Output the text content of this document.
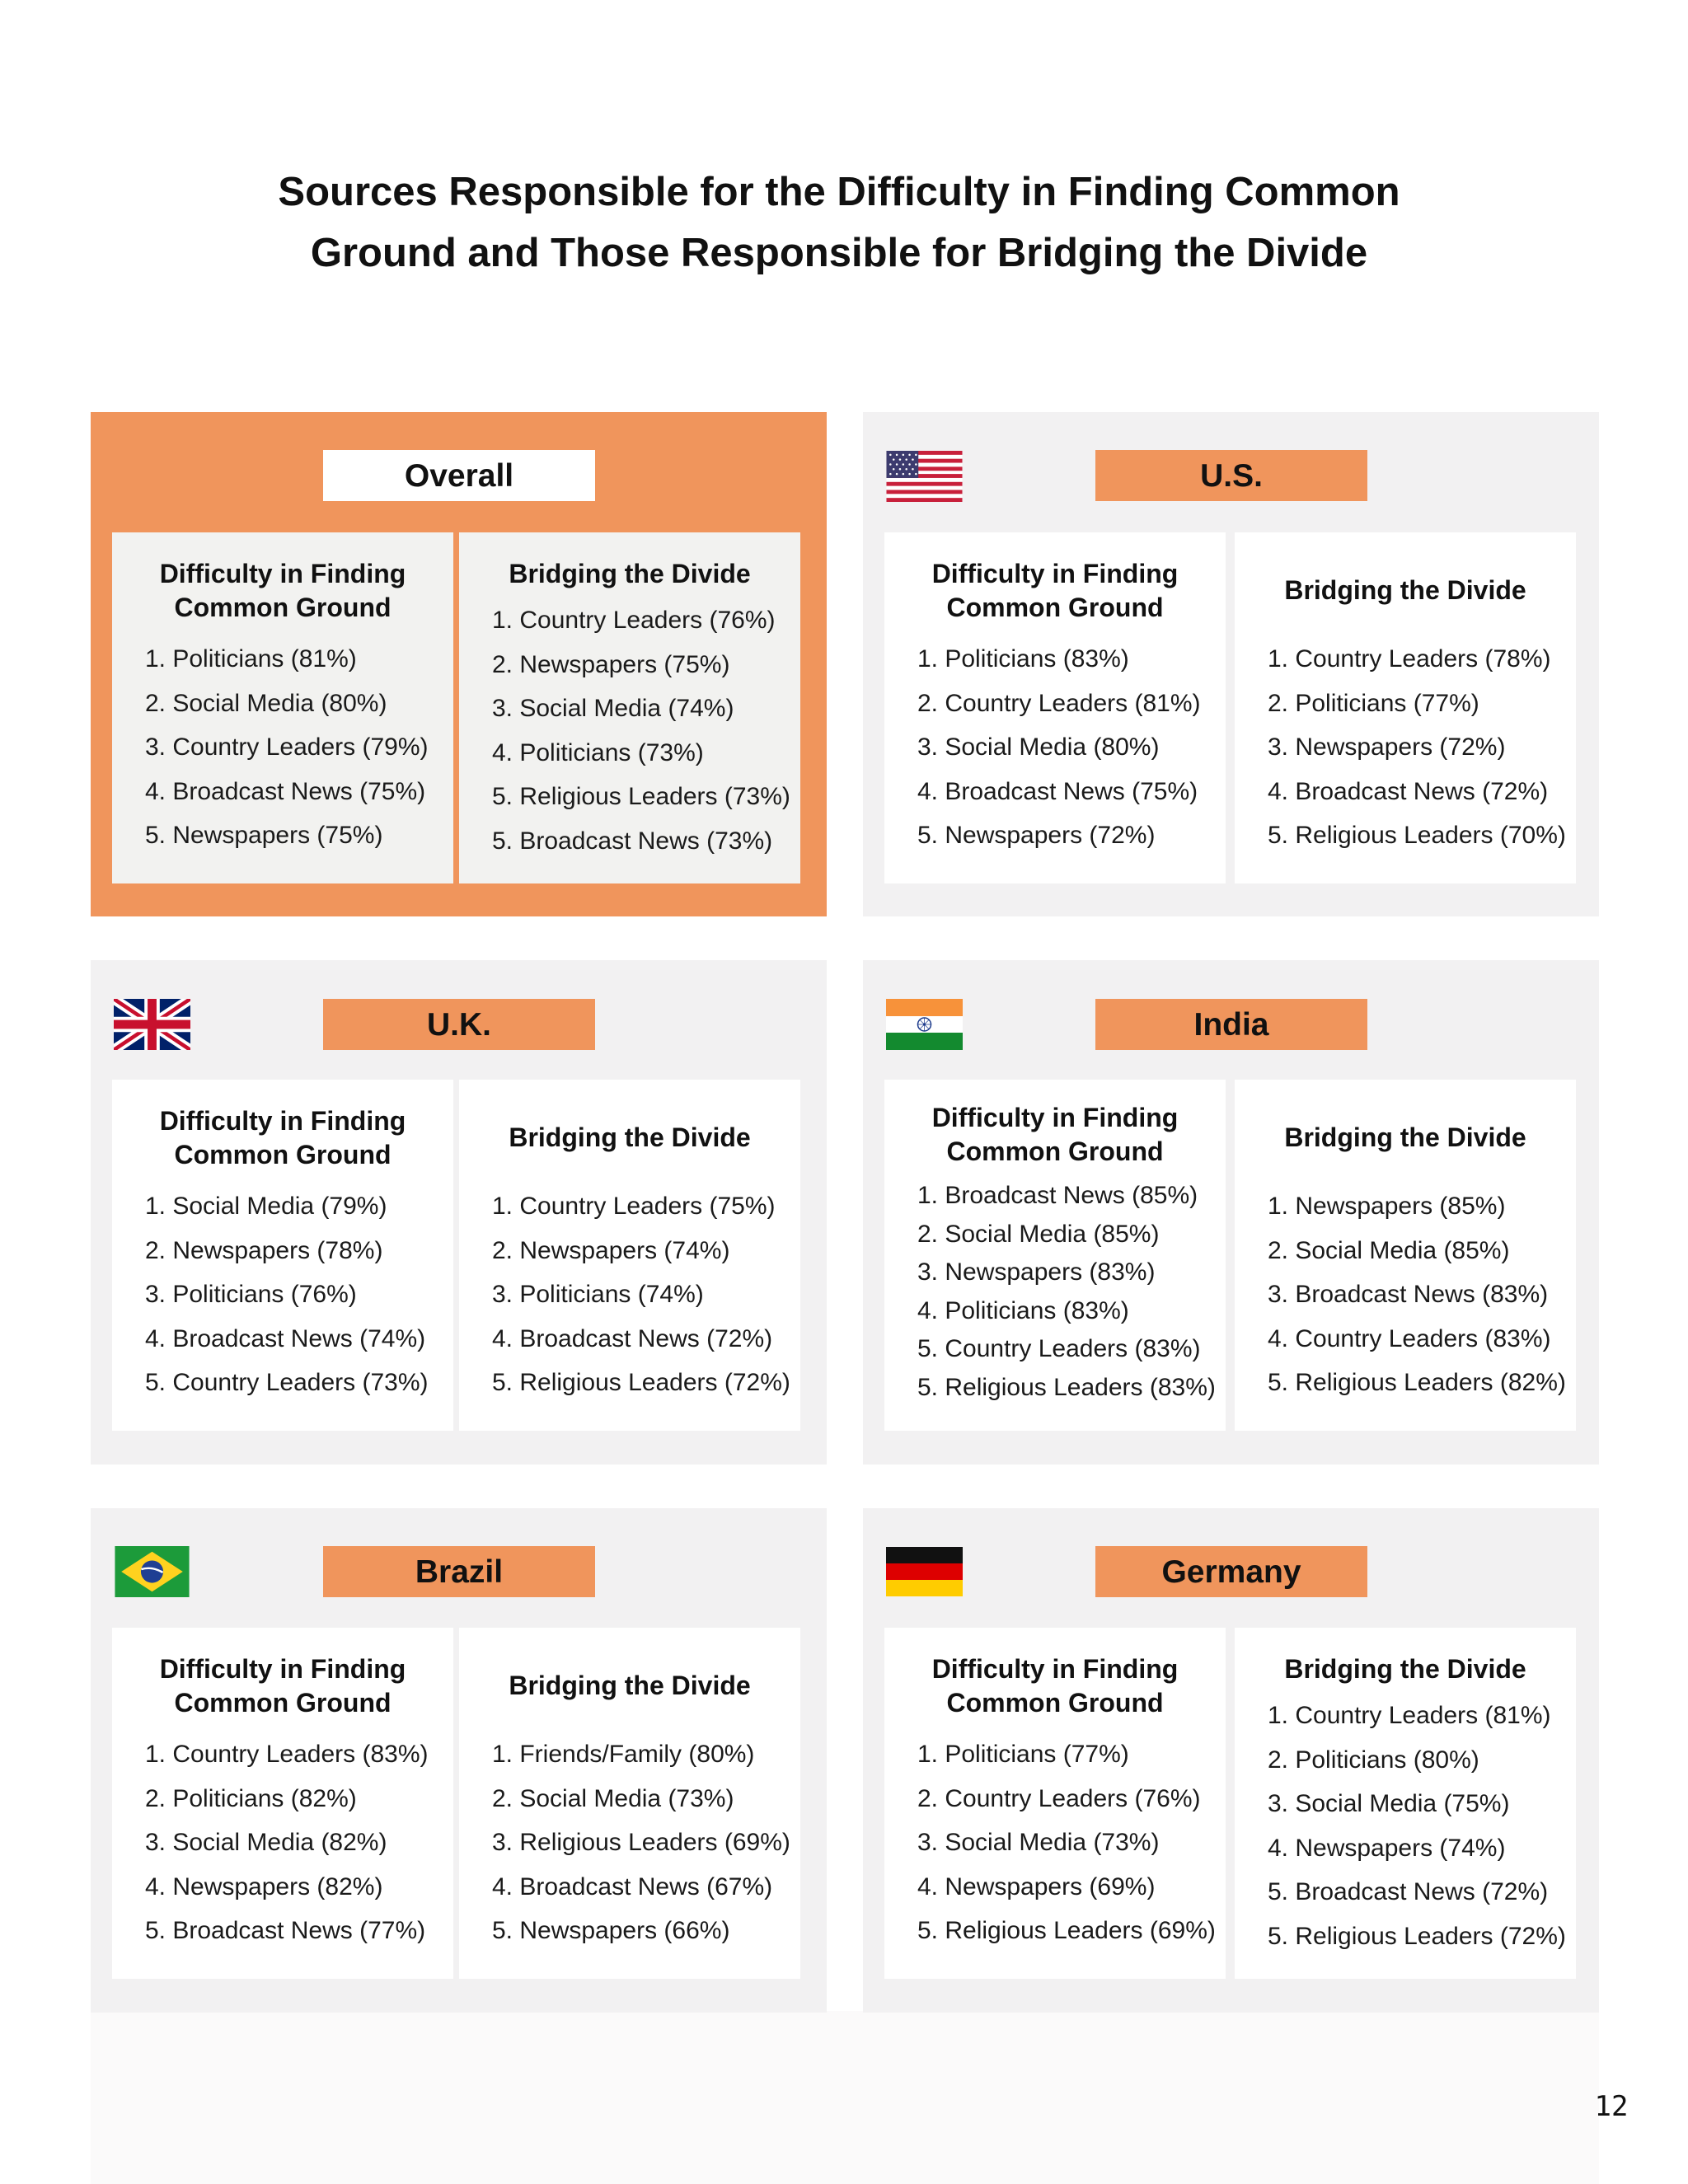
Sources Responsible for the Difficulty in Finding Common
Ground and Those Responsible for Bridging the Divide
Overall
Difficulty in Finding
Common Ground
1. Politicians (81%)
2. Social Media (80%)
3. Country Leaders (79%)
4. Broadcast News (75%)
5. Newspapers (75%)
Bridging the Divide
1. Country Leaders (76%)
2. Newspapers (75%)
3. Social Media (74%)
4. Politicians (73%)
5. Religious Leaders (73%)
5. Broadcast News (73%)
U.S.
Difficulty in Finding
Common Ground
1. Politicians (83%)
2. Country Leaders (81%)
3. Social Media (80%)
4. Broadcast News (75%)
5. Newspapers (72%)
Bridging the Divide
1. Country Leaders (78%)
2. Politicians (77%)
3. Newspapers (72%)
4. Broadcast News (72%)
5. Religious Leaders (70%)
U.K.
Difficulty in Finding
Common Ground
1. Social Media (79%)
2. Newspapers (78%)
3. Politicians (76%)
4. Broadcast News (74%)
5. Country Leaders (73%)
Bridging the Divide
1. Country Leaders (75%)
2. Newspapers (74%)
3. Politicians (74%)
4. Broadcast News (72%)
5. Religious Leaders (72%)
India
Difficulty in Finding
Common Ground
1. Broadcast News (85%)
2. Social Media (85%)
3. Newspapers (83%)
4. Politicians (83%)
5. Country Leaders (83%)
5. Religious Leaders (83%)
Bridging the Divide
1. Newspapers (85%)
2. Social Media (85%)
3. Broadcast News (83%)
4. Country Leaders (83%)
5. Religious Leaders (82%)
Brazil
Difficulty in Finding
Common Ground
1. Country Leaders (83%)
2. Politicians (82%)
3. Social Media (82%)
4. Newspapers (82%)
5. Broadcast News (77%)
Bridging the Divide
1. Friends/Family (80%)
2. Social Media (73%)
3. Religious Leaders (69%)
4. Broadcast News (67%)
5. Newspapers (66%)
Germany
Difficulty in Finding
Common Ground
1. Politicians (77%)
2. Country Leaders (76%)
3. Social Media (73%)
4. Newspapers (69%)
5. Religious Leaders (69%)
Bridging the Divide
1. Country Leaders (81%)
2. Politicians (80%)
3. Social Media (75%)
4. Newspapers (74%)
5. Broadcast News (72%)
5. Religious Leaders (72%)
12
